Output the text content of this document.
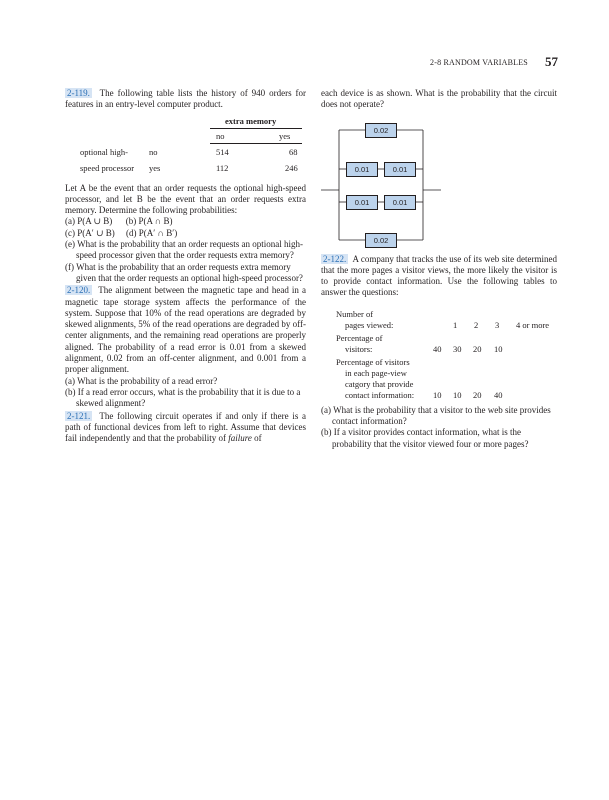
2-8 RANDOM VARIABLES 57

2-119. The following table lists the history of 940 orders for features in an entry-level computer product.

extra memory
no	yes
optional high- no	514	68
speed processor yes	112	246

Let A be the event that an order requests the optional high-speed processor, and let B be the event that an order requests extra memory. Determine the following probabilities:

(a) P(A ∪ B) (b) P(A ∩ B)
(c) P(A′ ∪ B) (d) P(A′ ∩ B′)

(e) What is the probability that an order requests an optional high-speed processor given that the order requests extra memory?

(f) What is the probability that an order requests extra memory given that the order requests an optional high-speed processor?

2-120. The alignment between the magnetic tape and head in a magnetic tape storage system affects the performance of the system. Suppose that 10% of the read operations are degraded by skewed alignments, 5% of the read operations are degraded by off-center alignments, and the remaining read operations are properly aligned. The probability of a read error is 0.01 from a skewed alignment, 0.02 from an off-center alignment, and 0.001 from a proper alignment.

(a) What is the probability of a read error?

(b) If a read error occurs, what is the probability that it is due to a skewed alignment?

2-121. The following circuit operates if and only if there is a path of functional devices from left to right. Assume that devices fail independently and that the probability of failure of

each device is as shown. What is the probability that the circuit does not operate?

0.02
0.01	0.01
0.01	0.01
0.02

2-122. A company that tracks the use of its web site determined that the more pages a visitor views, the more likely the visitor is to provide contact information. Use the following tables to answer the questions:

Number of
pages viewed:	1 2 3 4 or more
Percentage of
visitors:	40 30 20 10
Percentage of visitors
in each page-view
catgory that provide
contact information: 10 10 20 40

(a) What is the probability that a visitor to the web site provides contact information?

(b) If a visitor provides contact information, what is the probability that the visitor viewed four or more pages?
